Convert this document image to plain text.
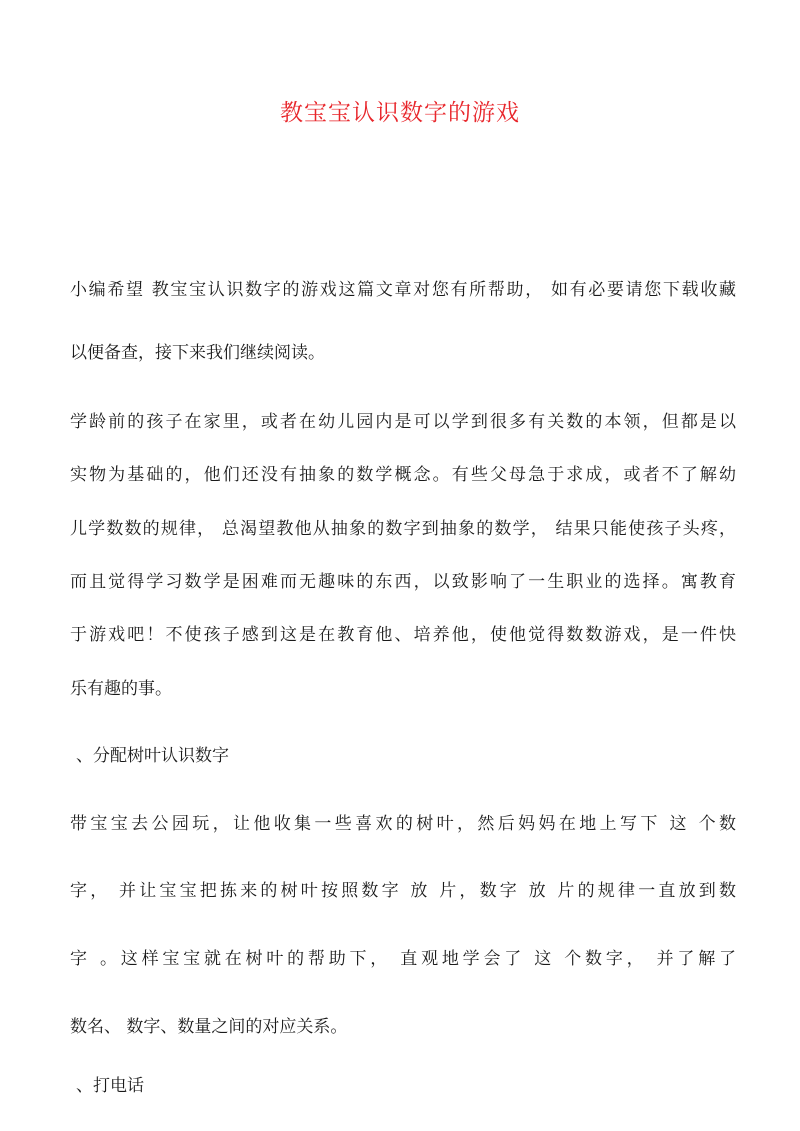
教宝宝认识数字的游戏
小编希望 教宝宝认识数字的游戏这篇文章对您有所帮助， 如有必要请您下载收藏
以便备查，接下来我们继续阅读。
学龄前的孩子在家里，或者在幼儿园内是可以学到很多有关数的本领，但都是以
实物为基础的，他们还没有抽象的数学概念。有些父母急于求成，或者不了解幼
儿学数数的规律， 总渴望教他从抽象的数字到抽象的数学， 结果只能使孩子头疼，
而且觉得学习数学是困难而无趣味的东西，以致影响了一生职业的选择。寓教育
于游戏吧！不使孩子感到这是在教育他、培养他，使他觉得数数游戏，是一件快
乐有趣的事。
、分配树叶认识数字
带宝宝去公园玩，让他收集一些喜欢的树叶，然后妈妈在地上写下 这 个数
字， 并让宝宝把拣来的树叶按照数字 放 片，数字 放 片的规律一直放到数
字 。这样宝宝就在树叶的帮助下， 直观地学会了 这 个数字， 并了解了
数名、 数字、数量之间的对应关系。
、打电话
